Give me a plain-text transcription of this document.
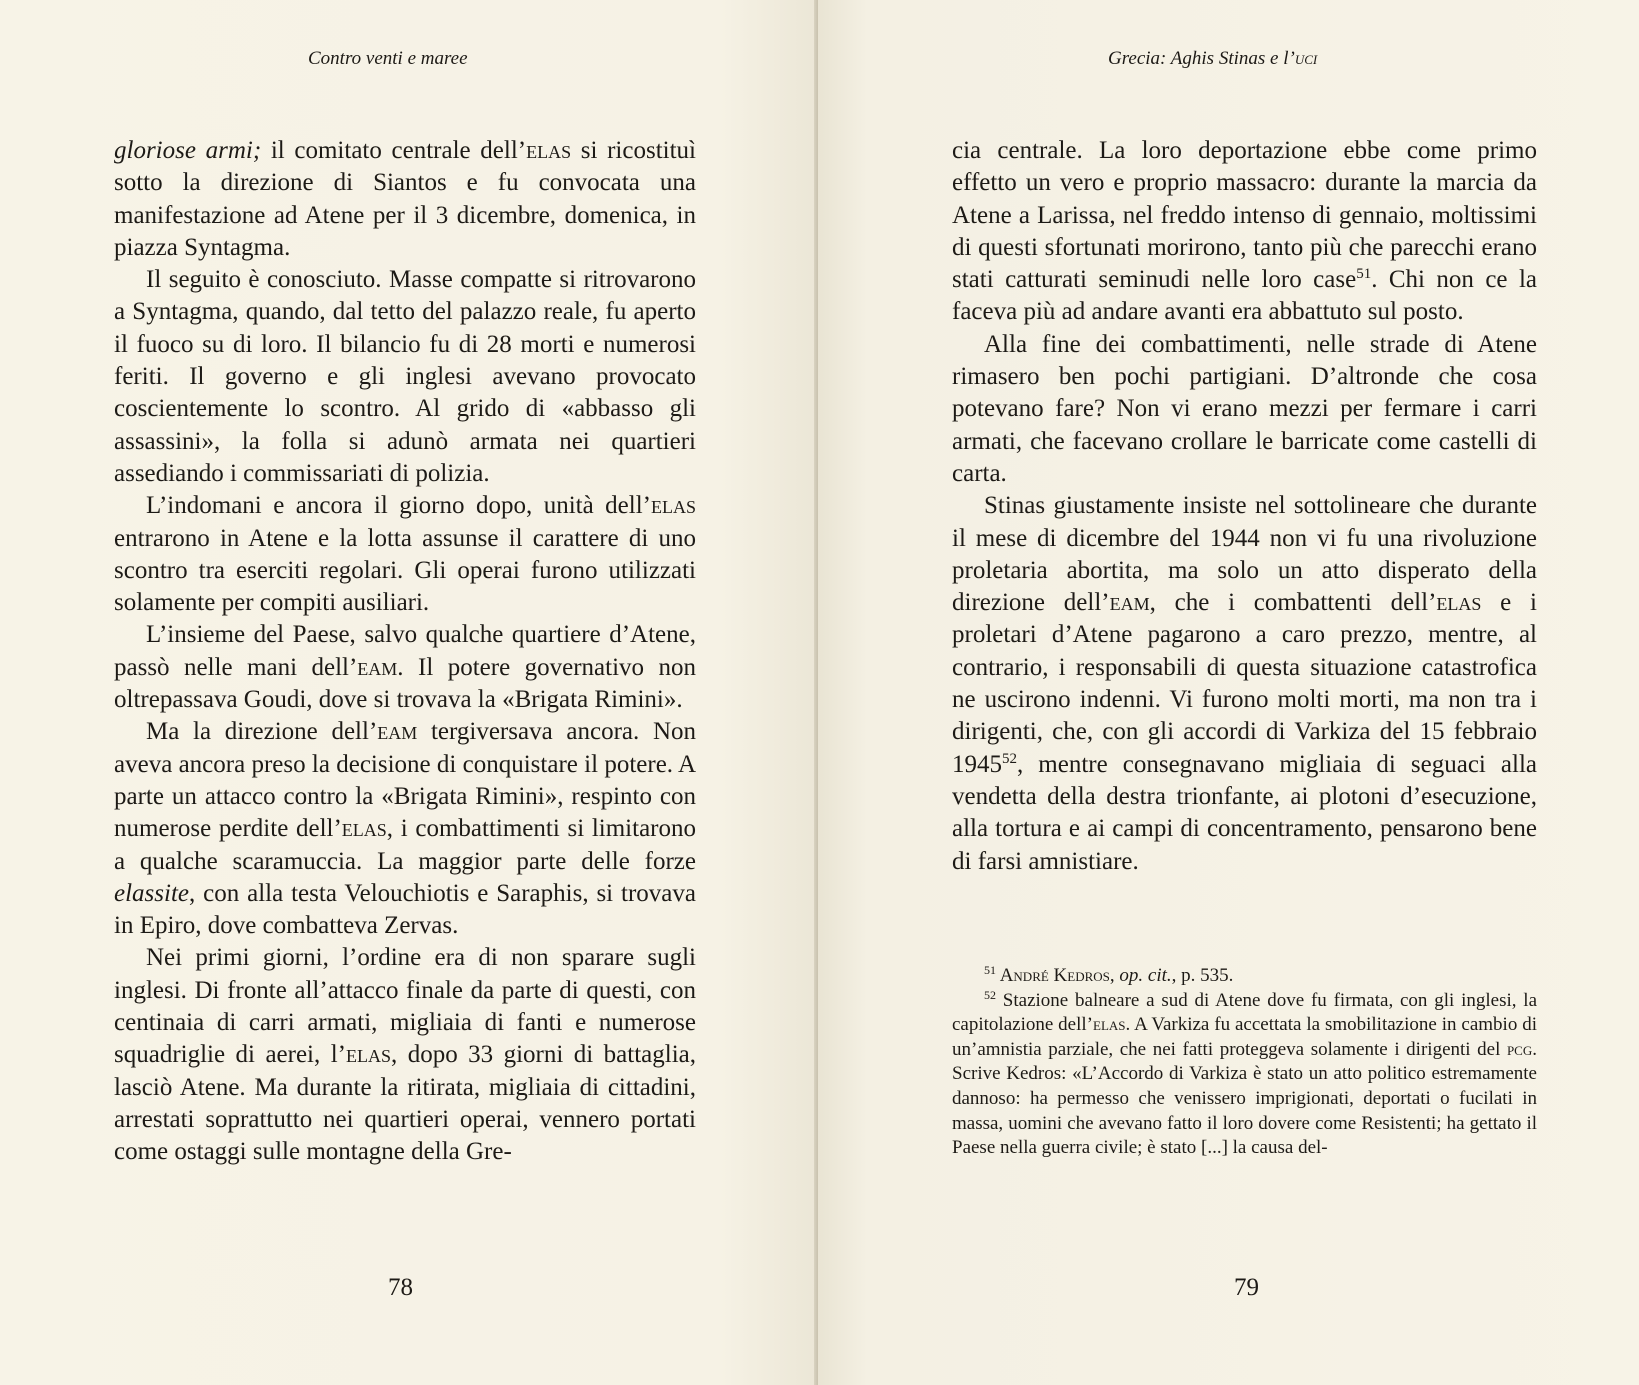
Contro venti e maree

gloriose armi; il comitato centrale dell’elas si ricostituì sotto la direzione di Siantos e fu convocata una manifestazione ad Atene per il 3 dicembre, domenica, in piazza Syntagma.

Il seguito è conosciuto. Masse compatte si ritrovarono a Syntagma, quando, dal tetto del palazzo reale, fu aperto il fuoco su di loro. Il bilancio fu di 28 morti e numerosi feriti. Il governo e gli inglesi avevano provocato coscientemente lo scontro. Al grido di «abbasso gli assassini», la folla si adunò armata nei quartieri assediando i commissariati di polizia.

L’indomani e ancora il giorno dopo, unità dell’elas entrarono in Atene e la lotta assunse il carattere di uno scontro tra eserciti regolari. Gli operai furono utilizzati solamente per compiti ausiliari.

L’insieme del Paese, salvo qualche quartiere d’Atene, passò nelle mani dell’eam. Il potere governativo non oltrepassava Goudi, dove si trovava la «Brigata Rimini».

Ma la direzione dell’eam tergiversava ancora. Non aveva ancora preso la decisione di conquistare il potere. A parte un attacco contro la «Brigata Rimini», respinto con numerose perdite dell’elas, i combattimenti si limitarono a qualche scaramuccia. La maggior parte delle forze elassite, con alla testa Velouchiotis e Saraphis, si trovava in Epiro, dove combatteva Zervas.

Nei primi giorni, l’ordine era di non sparare sugli inglesi. Di fronte all’attacco finale da parte di questi, con centinaia di carri armati, migliaia di fanti e numerose squadriglie di aerei, l’elas, dopo 33 giorni di battaglia, lasciò Atene. Ma durante la ritirata, migliaia di cittadini, arrestati soprattutto nei quartieri operai, vennero portati come ostaggi sulle montagne della Gre-

78
Grecia: Aghis Stinas e l’uci

cia centrale. La loro deportazione ebbe come primo effetto un vero e proprio massacro: durante la marcia da Atene a Larissa, nel freddo intenso di gennaio, moltissimi di questi sfortunati morirono, tanto più che parecchi erano stati catturati seminudi nelle loro case$^{51}$. Chi non ce la faceva più ad andare avanti era abbattuto sul posto.

Alla fine dei combattimenti, nelle strade di Atene rimasero ben pochi partigiani. D’altronde che cosa potevano fare? Non vi erano mezzi per fermare i carri armati, che facevano crollare le barricate come castelli di carta.

Stinas giustamente insiste nel sottolineare che durante il mese di dicembre del 1944 non vi fu una rivoluzione proletaria abortita, ma solo un atto disperato della direzione dell’eam, che i combattenti dell’elas e i proletari d’Atene pagarono a caro prezzo, mentre, al contrario, i responsabili di questa situazione catastrofica ne uscirono indenni. Vi furono molti morti, ma non tra i dirigenti, che, con gli accordi di Varkiza del 15 febbraio 1945$^{52}$, mentre consegnavano migliaia di seguaci alla vendetta della destra trionfante, ai plotoni d’esecuzione, alla tortura e ai campi di concentramento, pensarono bene di farsi amnistiare.

$^{51}$ André Kedros, op. cit., p. 535.

$^{52}$ Stazione balneare a sud di Atene dove fu firmata, con gli inglesi, la capitolazione dell’elas. A Varkiza fu accettata la smobilitazione in cambio di un’amnistia parziale, che nei fatti proteggeva solamente i dirigenti del pcg. Scrive Kedros: «L’Accordo di Varkiza è stato un atto politico estremamente dannoso: ha permesso che venissero imprigionati, deportati o fucilati in massa, uomini che avevano fatto il loro dovere come Resistenti; ha gettato il Paese nella guerra civile; è stato [...] la causa del-

79
